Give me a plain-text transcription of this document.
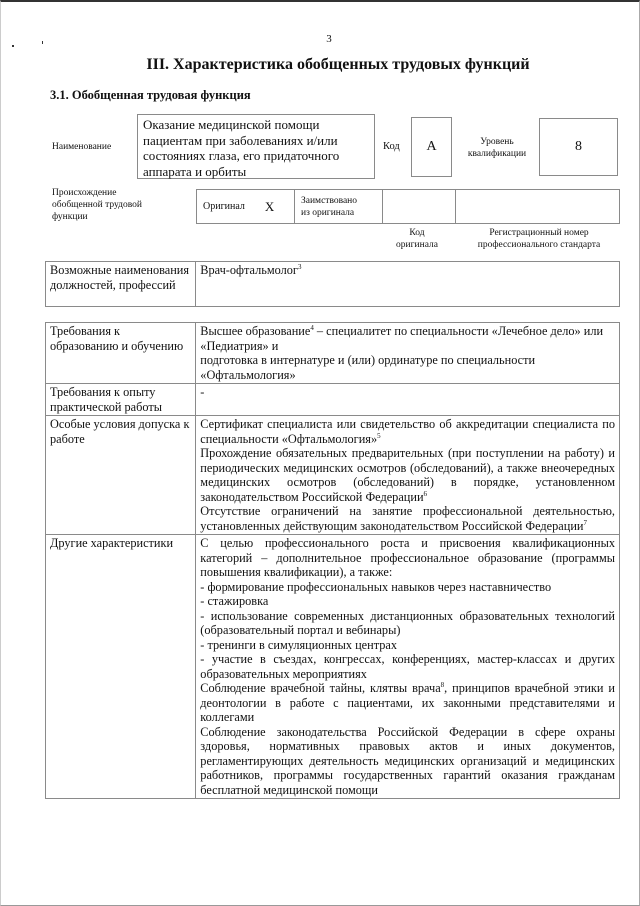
3
III. Характеристика обобщенных трудовых функций
3.1. Обобщенная трудовая функция
Наименование
Оказание медицинской помощи пациентам при заболеваниях и/или состояниях глаза, его придаточного аппарата и орбиты
Код А	Уровень
квалификации	8
Происхождение
обобщенной трудовой
функции
Оригинал X	Заимствовано
из оригинала
Код
оригинала
Регистрационный номер
профессионального стандарта
Возможные наименования должностей, профессий	Врач-офтальмолог$^3$
Требования к образованию и обучению	Высшее образование$^4$ – специалитет по специальности «Лечебное дело» или «Педиатрия» и
подготовка в интернатуре и (или) ординатуре по специальности «Офтальмология»

Требования к опыту практической работы	-
Особые условия допуска к работе	Сертификат специалиста или свидетельство об аккредитации специалиста по специальности «Офтальмология»$^5$

Прохождение обязательных предварительных (при поступлении на работу) и периодических медицинских осмотров (обследований), а также внеочередных медицинских осмотров (обследований) в порядке, установленном законодательством Российской Федерации$^6$

Отсутствие ограничений на занятие профессиональной деятельностью, установленных действующим законодательством Российской Федерации$^7$

Другие характеристики	С целью профессионального роста и присвоения квалификационных категорий – дополнительное профессиональное образование (программы повышения квалификации), а также:

- формирование профессиональных навыков через наставничество

- стажировка

- использование современных дистанционных образовательных технологий (образовательный портал и вебинары)

- тренинги в симуляционных центрах

- участие в съездах, конгрессах, конференциях, мастер-классах и других образовательных мероприятиях

Соблюдение врачебной тайны, клятвы врача$^8$, принципов врачебной этики и деонтологии в работе с пациентами, их законными представителями и коллегами

Соблюдение законодательства Российской Федерации в сфере охраны здоровья, нормативных правовых актов и иных документов, регламентирующих деятельность медицинских организаций и медицинских работников, программы государственных гарантий оказания гражданам бесплатной медицинской помощи
